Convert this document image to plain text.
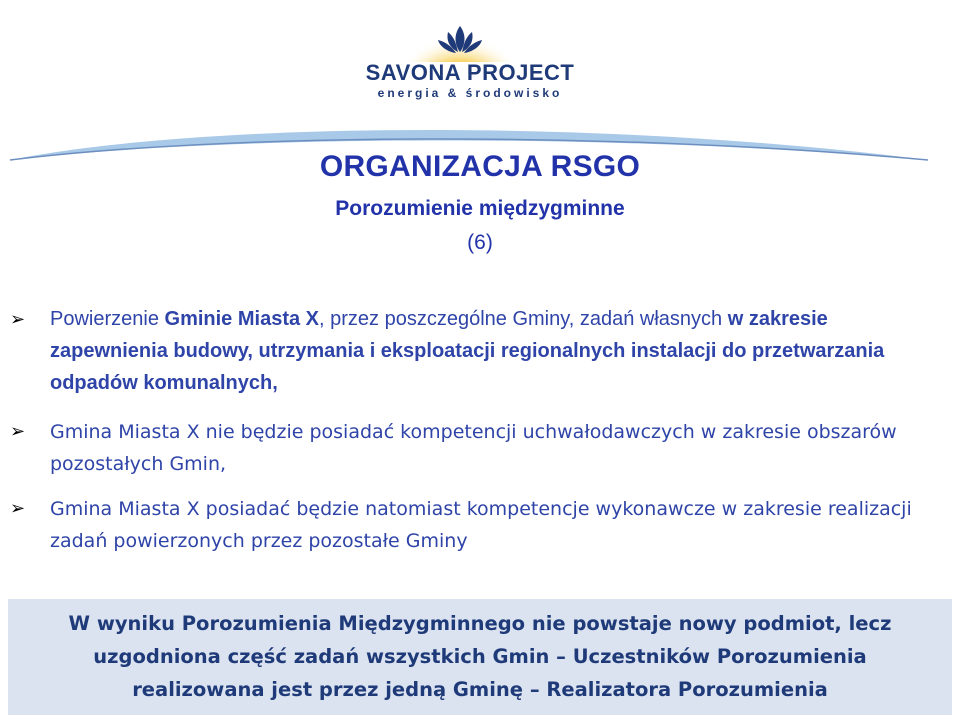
SAVONA PROJECT
energia & środowisko
ORGANIZACJA RSGO
Porozumienie międzygminne
(6)
➢	Powierzenie Gminie Miasta X, przez poszczególne Gminy, zadań własnych w zakresie zapewnienia budowy, utrzymania i eksploatacji regionalnych instalacji do przetwarzania odpadów komunalnych,
➢	Gmina Miasta X nie będzie posiadać kompetencji uchwałodawczych w zakresie obszarów pozostałych Gmin,
➢	Gmina Miasta X posiadać będzie natomiast kompetencje wykonawcze w zakresie realizacji zadań powierzonych przez pozostałe Gminy
W wyniku Porozumienia Międzygminnego nie powstaje nowy podmiot, lecz
uzgodniona część zadań wszystkich Gmin – Uczestników Porozumienia
realizowana jest przez jedną Gminę – Realizatora Porozumienia
